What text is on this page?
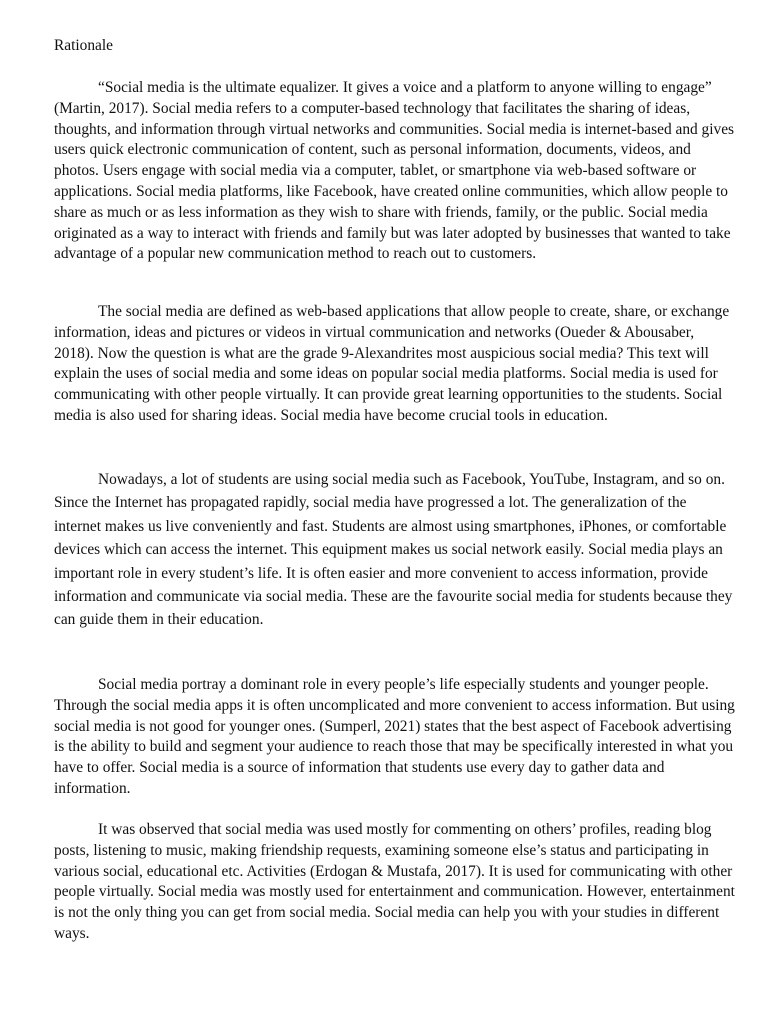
Rationale

“Social media is the ultimate equalizer. It gives a voice and a platform to anyone willing to engage” (Martin, 2017). Social media refers to a computer-based technology that facilitates the sharing of ideas, thoughts, and information through virtual networks and communities. Social media is internet-based and gives users quick electronic communication of content, such as personal information, documents, videos, and photos. Users engage with social media via a computer, tablet, or smartphone via web-based software or applications. Social media platforms, like Facebook, have created online communities, which allow people to share as much or as less information as they wish to share with friends, family, or the public. Social media originated as a way to interact with friends and family but was later adopted by businesses that wanted to take advantage of a popular new communication method to reach out to customers.

The social media are defined as web-based applications that allow people to create, share, or exchange information, ideas and pictures or videos in virtual communication and networks (Oueder & Abousaber, 2018). Now the question is what are the grade 9-Alexandrites most auspicious social media? This text will explain the uses of social media and some ideas on popular social media platforms. Social media is used for communicating with other people virtually. It can provide great learning opportunities to the students. Social media is also used for sharing ideas. Social media have become crucial tools in education.

Nowadays, a lot of students are using social media such as Facebook, YouTube, Instagram, and so on. Since the Internet has propagated rapidly, social media have progressed a lot. The generalization of the internet makes us live conveniently and fast. Students are almost using smartphones, iPhones, or comfortable devices which can access the internet. This equipment makes us social network easily. Social media plays an important role in every student’s life. It is often easier and more convenient to access information, provide information and communicate via social media. These are the favourite social media for students because they can guide them in their education.

Social media portray a dominant role in every people’s life especially students and younger people. Through the social media apps it is often uncomplicated and more convenient to access information. But using social media is not good for younger ones. (Sumperl, 2021) states that the best aspect of Facebook advertising is the ability to build and segment your audience to reach those that may be specifically interested in what you have to offer. Social media is a source of information that students use every day to gather data and information.

It was observed that social media was used mostly for commenting on others’ profiles, reading blog posts, listening to music, making friendship requests, examining someone else’s status and participating in various social, educational etc. Activities (Erdogan & Mustafa, 2017). It is used for communicating with other people virtually. Social media was mostly used for entertainment and communication. However, entertainment is not the only thing you can get from social media. Social media can help you with your studies in different ways.
